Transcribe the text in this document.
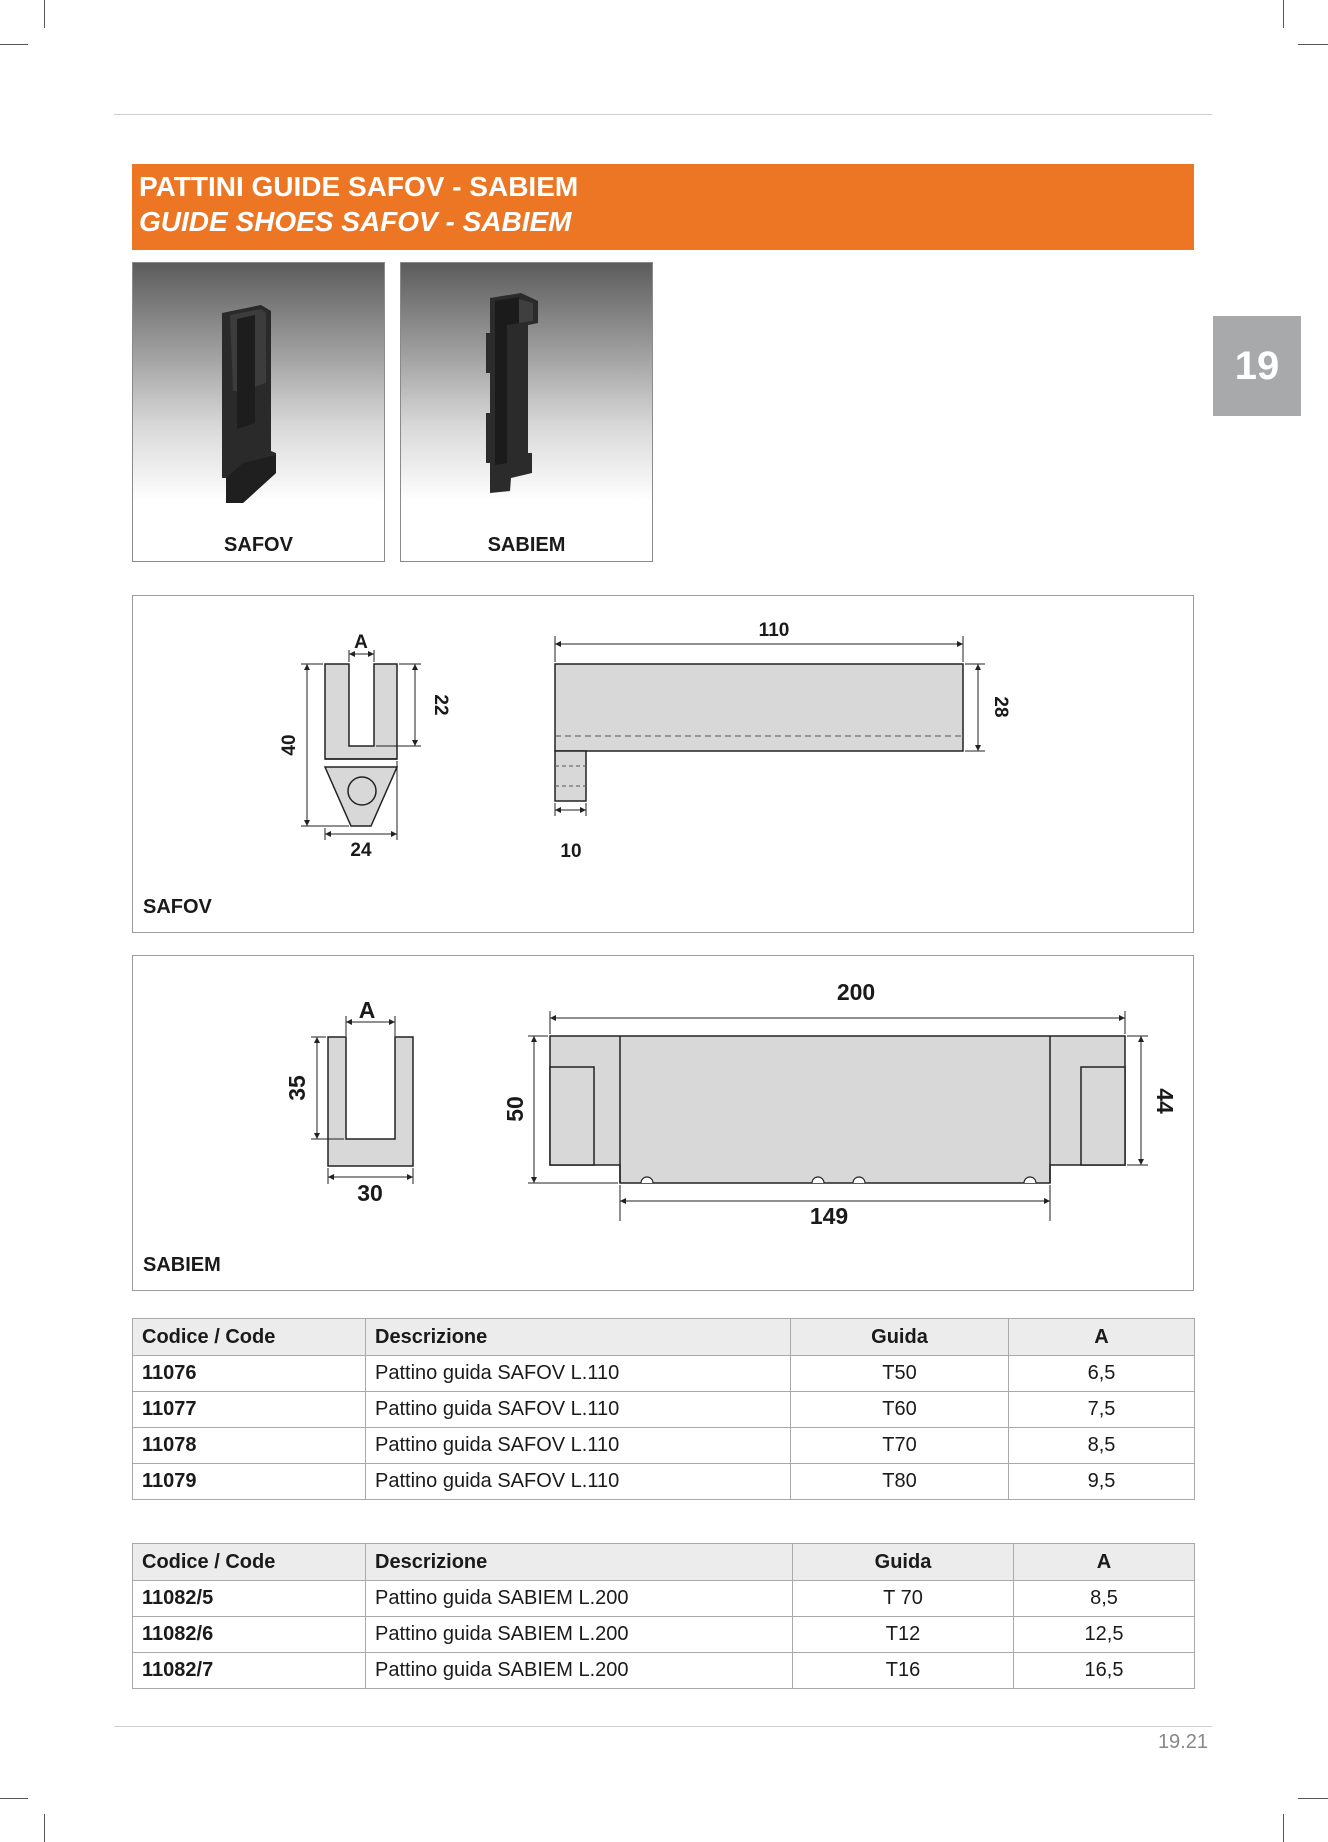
PATTINI GUIDE SAFOV - SABIEM
GUIDE SHOES SAFOV - SABIEM
19
SAFOV	SABIEM
A
40
22
24
110
28
10
SAFOV
A
35
30
200
50	44
149
SABIEM
Codice / Code	Descrizione	Guida	A
11076	Pattino guida SAFOV L.110	T50	6,5
11077	Pattino guida SAFOV L.110	T60	7,5
11078	Pattino guida SAFOV L.110	T70	8,5
11079	Pattino guida SAFOV L.110	T80	9,5
Codice / Code	Descrizione	Guida	A
11082/5	Pattino guida SABIEM L.200	T 70	8,5
11082/6	Pattino guida SABIEM L.200	T12	12,5
11082/7	Pattino guida SABIEM L.200	T16	16,5
19.21
